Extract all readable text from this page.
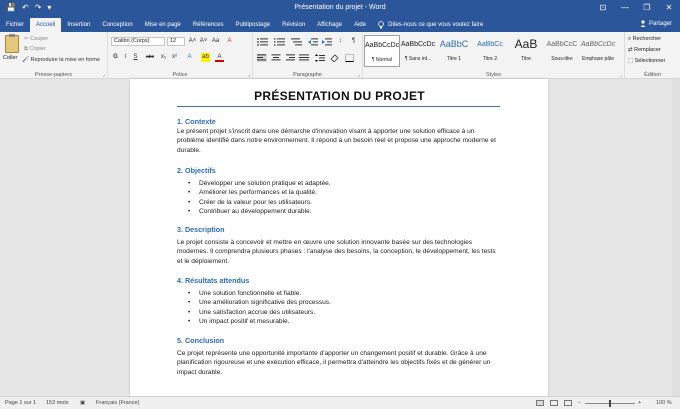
💾 ↶ ↷ ▾	Présentation du projet - Word	⊡	—	❐	✕
Fichier	Accueil	Insertion	Conception	Mise en page	Références	Publipostage	Révision	Affichage	Aide	Dites-nous ce que vous voulez faire	Partager
Coller
✂ Couper
⧉ Copier
🖌 Reproduire la mise en forme
Presse-papiers	⌟
Calibri (Corps)	12	A˄ A˅ Aa	A
G	I	S	abc	x₂ x²	A	ab	A
Police	⌟
↕	¶
Paragraphe	⌟	Styles	⌟
AaBbCcDc
¶ Normal
AaBbCcDc
¶ Sans int...
AaBbC
Titre 1
AaBbCc
Titre 2
AaB
Titre
AaBbCcC
Sous-titre
AaBbCcDc
Emphase pâle
Édition
⌕ Rechercher
⇄ Remplacer
⬚ Sélectionner
PRÉSENTATION DU PROJET
1. Contexte
Le présent projet s'inscrit dans une démarche d'innovation visant à apporter une solution efficace à un problème identifié dans notre environnement. Il répond à un besoin réel et propose une approche moderne et durable.
2. Objectifs
• Développer une solution pratique et adaptée.
• Améliorer les performances et la qualité.
• Créer de la valeur pour les utilisateurs.
• Contribuer au développement durable.
3. Description
Le projet consiste à concevoir et mettre en œuvre une solution innovante basée sur des technologies modernes. Il comprendra plusieurs phases : l'analyse des besoins, la conception, le développement, les tests et le déploiement.
4. Résultats attendus
• Une solution fonctionnelle et fiable.
• Une amélioration significative des processus.
• Une satisfaction accrue des utilisateurs.
• Un impact positif et mesurable.
5. Conclusion
Ce projet représente une opportunité importante d'apporter un changement positif et durable. Grâce à une planification rigoureuse et une exécution efficace, il permettra d'atteindre les objectifs fixés et de générer un impact durable.
Page 1 sur 1 153 mots ▣ Français (France)	−	+	100 %
